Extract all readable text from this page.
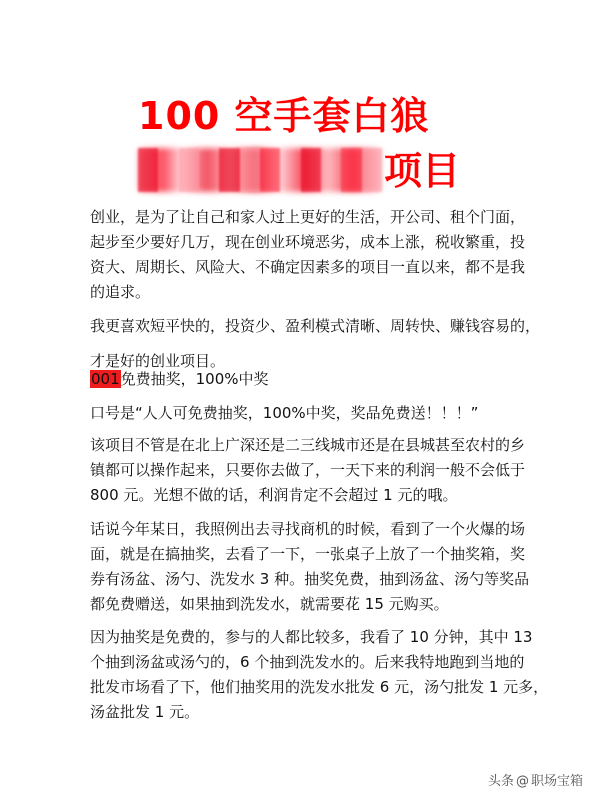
100 空手套白狼
项目
创业，是为了让自己和家人过上更好的生活，开公司、租个门面，
起步至少要好几万，现在创业环境恶劣，成本上涨，税收繁重，投
资大、周期长、风险大、不确定因素多的项目一直以来，都不是我
的追求。
我更喜欢短平快的，投资少、盈利模式清晰、周转快、赚钱容易的，
才是好的创业项目。
001免费抽奖，100%中奖
口号是“人人可免费抽奖，100%中奖，奖品免费送！！！”
该项目不管是在北上广深还是二三线城市还是在县城甚至农村的乡
镇都可以操作起来，只要你去做了，一天下来的利润一般不会低于
800 元。光想不做的话，利润肯定不会超过 1 元的哦。
话说今年某日，我照例出去寻找商机的时候，看到了一个火爆的场
面，就是在搞抽奖，去看了一下，一张桌子上放了一个抽奖箱，奖
券有汤盆、汤勺、洗发水 3 种。抽奖免费，抽到汤盆、汤勺等奖品
都免费赠送，如果抽到洗发水，就需要花 15 元购买。
因为抽奖是免费的，参与的人都比较多，我看了 10 分钟，其中 13
个抽到汤盆或汤勺的，6 个抽到洗发水的。后来我特地跑到当地的
批发市场看了下，他们抽奖用的洗发水批发 6 元，汤勺批发 1 元多，
汤盆批发 1 元。
头条 @ 职场宝箱
